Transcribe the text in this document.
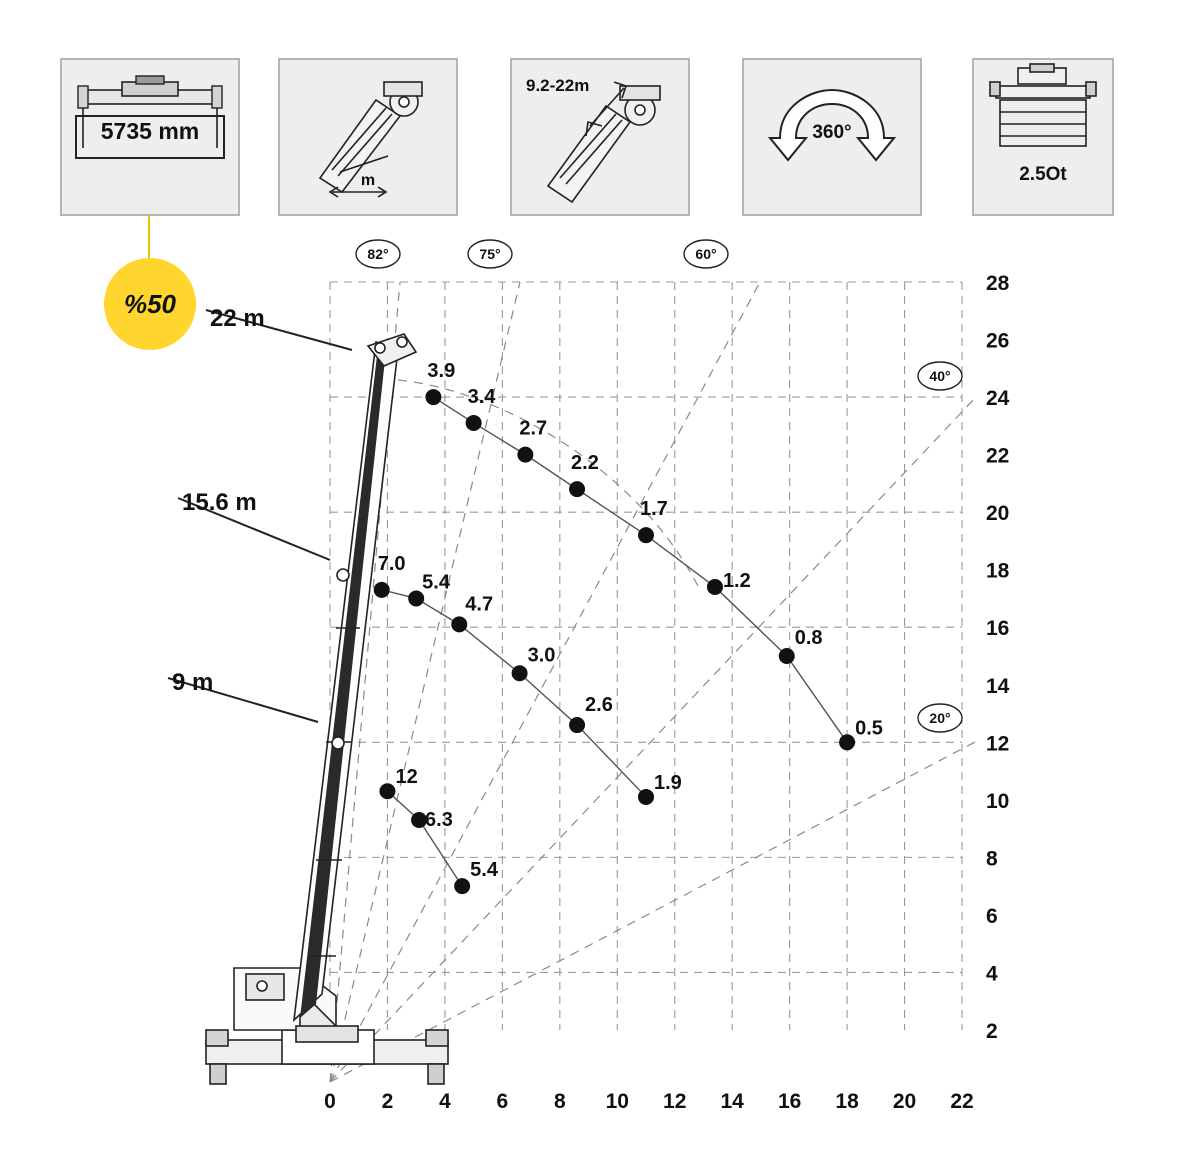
5735 mm
m
9.2-22m
360°
2.5Ot
%50 22 m
15.6 m
9 m
3.9
3.4
2.7
2.2
1.7
1.2
0.8
0.5
7.0
5.4
4.7
3.0
2.6
1.9
12
6.3
5.4
0 2 4 6 8 10 12 14 16 18 20 22
2
4
6
8
10
12
14
16
18
20
22
24
26
28
82°	75°	60°
40°
20°
